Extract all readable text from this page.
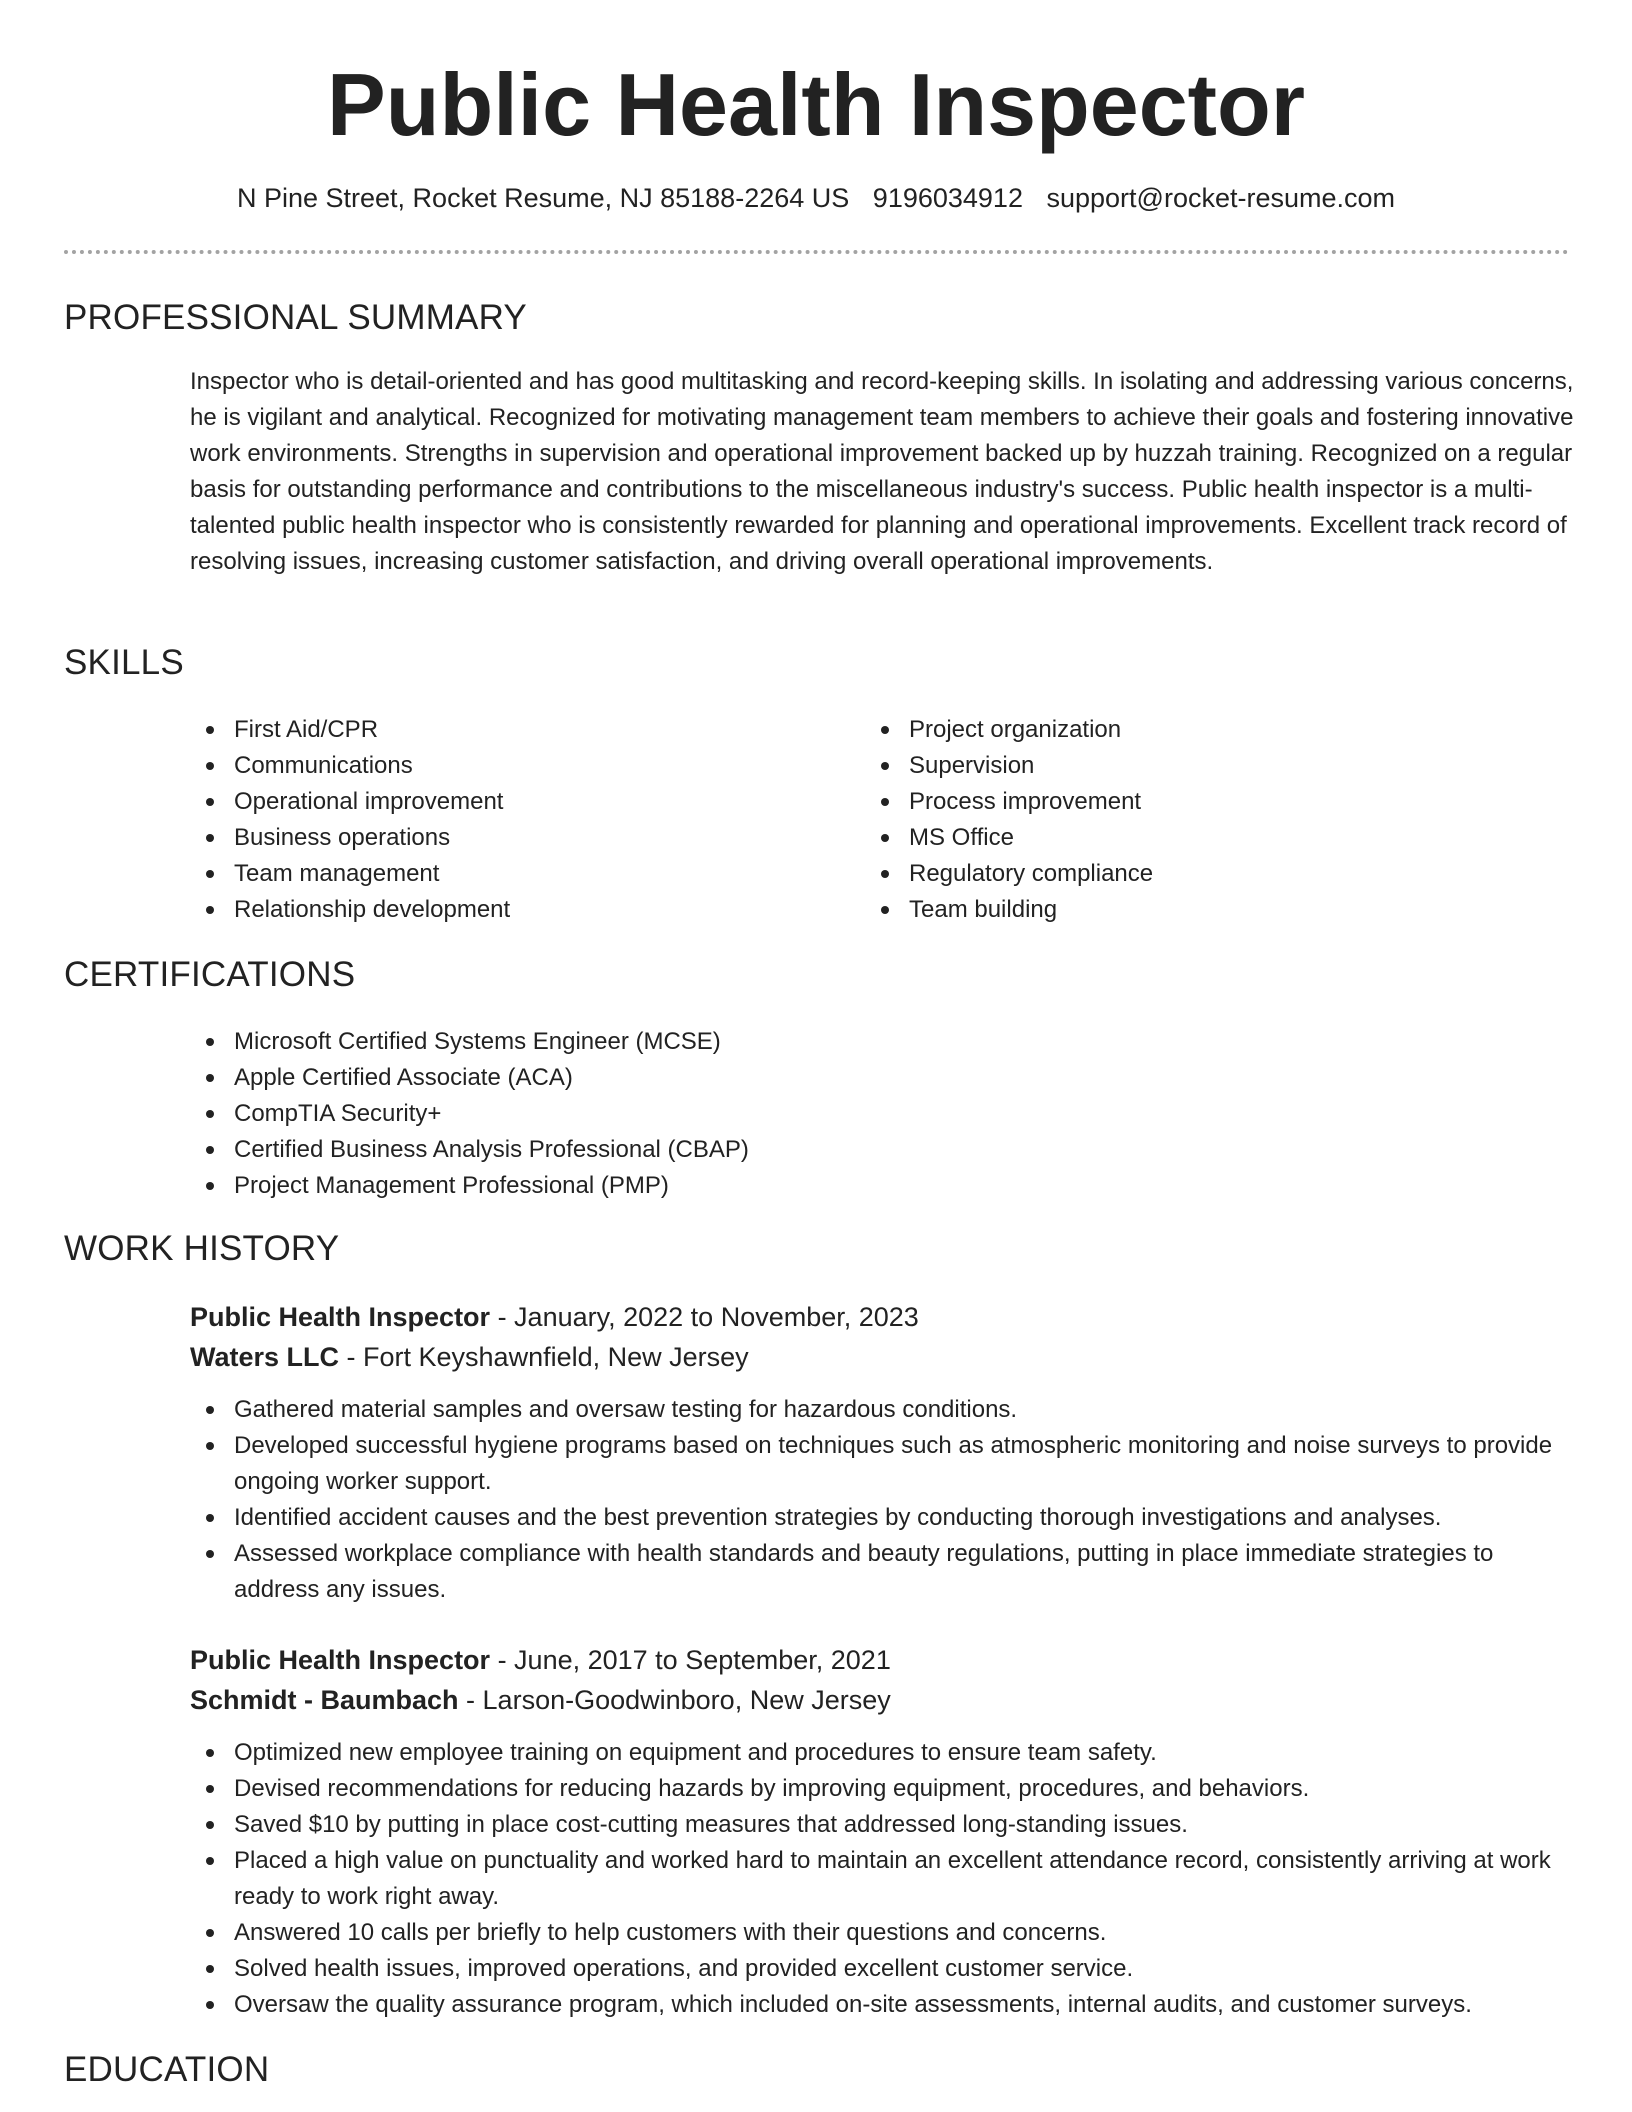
Public Health Inspector
N Pine Street, Rocket Resume, NJ 85188-2264 US 9196034912 support@rocket-resume.com
PROFESSIONAL SUMMARY
Inspector who is detail-oriented and has good multitasking and record-keeping skills. In isolating and addressing various concerns, he is vigilant and analytical. Recognized for motivating management team members to achieve their goals and fostering innovative work environments. Strengths in supervision and operational improvement backed up by huzzah training. Recognized on a regular basis for outstanding performance and contributions to the miscellaneous industry's success. Public health inspector is a multi-talented public health inspector who is consistently rewarded for planning and operational improvements. Excellent track record of resolving issues, increasing customer satisfaction, and driving overall operational improvements.
SKILLS
First Aid/CPR
Communications
Operational improvement
Business operations
Team management
Relationship development
Project organization
Supervision
Process improvement
MS Office
Regulatory compliance
Team building
CERTIFICATIONS
Microsoft Certified Systems Engineer (MCSE)
Apple Certified Associate (ACA)
CompTIA Security+
Certified Business Analysis Professional (CBAP)
Project Management Professional (PMP)
WORK HISTORY
Public Health Inspector - January, 2022 to November, 2023
Waters LLC - Fort Keyshawnfield, New Jersey
Gathered material samples and oversaw testing for hazardous conditions.
Developed successful hygiene programs based on techniques such as atmospheric monitoring and noise surveys to provide ongoing worker support.
Identified accident causes and the best prevention strategies by conducting thorough investigations and analyses.
Assessed workplace compliance with health standards and beauty regulations, putting in place immediate strategies to address any issues.
Public Health Inspector - June, 2017 to September, 2021
Schmidt - Baumbach - Larson-Goodwinboro, New Jersey
Optimized new employee training on equipment and procedures to ensure team safety.
Devised recommendations for reducing hazards by improving equipment, procedures, and behaviors.
Saved $10 by putting in place cost-cutting measures that addressed long-standing issues.
Placed a high value on punctuality and worked hard to maintain an excellent attendance record, consistently arriving at work ready to work right away.
Answered 10 calls per briefly to help customers with their questions and concerns.
Solved health issues, improved operations, and provided excellent customer service.
Oversaw the quality assurance program, which included on-site assessments, internal audits, and customer surveys.
EDUCATION
